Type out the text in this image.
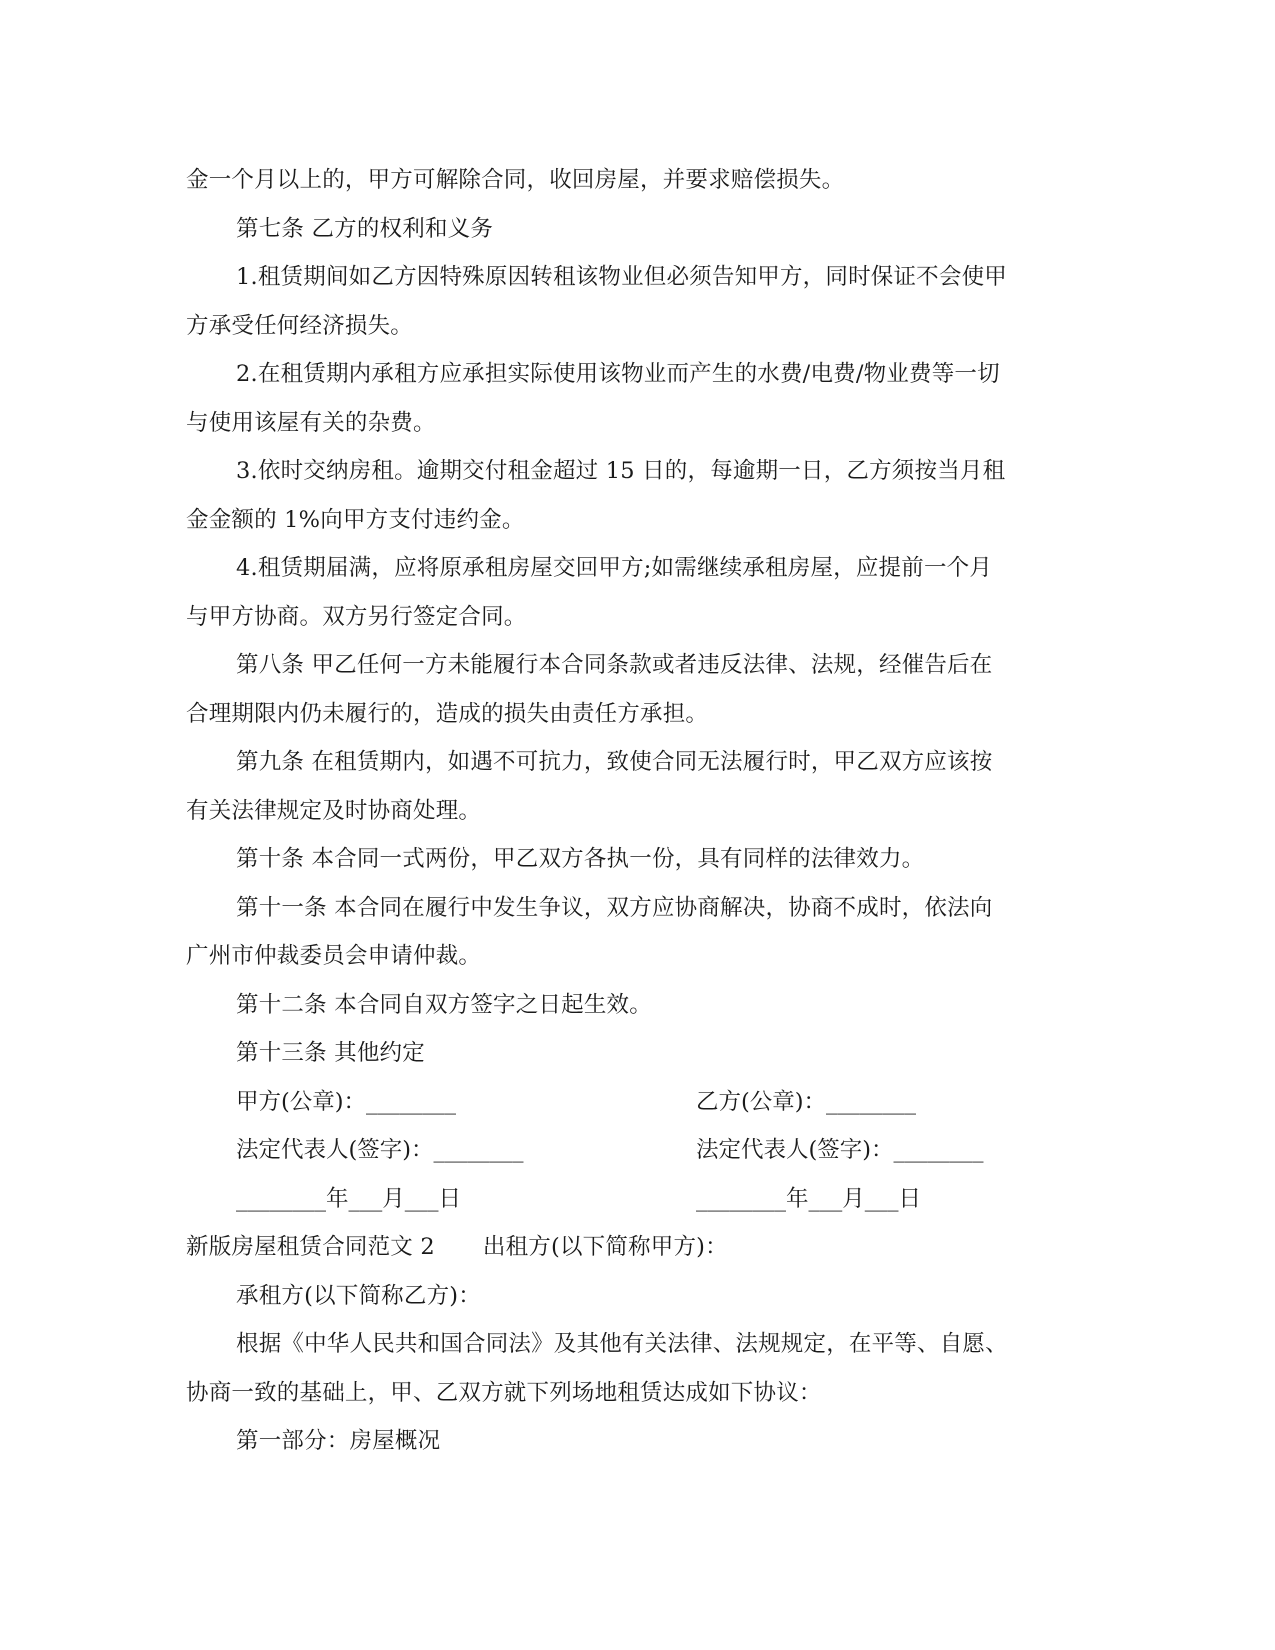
金一个月以上的，甲方可解除合同，收回房屋，并要求赔偿损失。
第七条 乙方的权利和义务
1.租赁期间如乙方因特殊原因转租该物业但必须告知甲方，同时保证不会使甲
方承受任何经济损失。
2.在租赁期内承租方应承担实际使用该物业而产生的水费/电费/物业费等一切
与使用该屋有关的杂费。
3.依时交纳房租。逾期交付租金超过 15 日的，每逾期一日，乙方须按当月租
金金额的 1%向甲方支付违约金。
4.租赁期届满，应将原承租房屋交回甲方;如需继续承租房屋，应提前一个月
与甲方协商。双方另行签定合同。
第八条 甲乙任何一方未能履行本合同条款或者违反法律、法规，经催告后在
合理期限内仍未履行的，造成的损失由责任方承担。
第九条 在租赁期内，如遇不可抗力，致使合同无法履行时，甲乙双方应该按
有关法律规定及时协商处理。
第十条 本合同一式两份，甲乙双方各执一份，具有同样的法律效力。
第十一条 本合同在履行中发生争议，双方应协商解决，协商不成时，依法向
广州市仲裁委员会申请仲裁。
第十二条 本合同自双方签字之日起生效。
第十三条 其他约定
甲方(公章)：________	乙方(公章)：________
法定代表人(签字)：________	法定代表人(签字)：________
________年___月___日	________年___月___日
新版房屋租赁合同范文 2 出租方(以下简称甲方)：
承租方(以下简称乙方)：
根据《中华人民共和国合同法》及其他有关法律、法规规定，在平等、自愿、
协商一致的基础上，甲、乙双方就下列场地租赁达成如下协议：
第一部分：房屋概况
